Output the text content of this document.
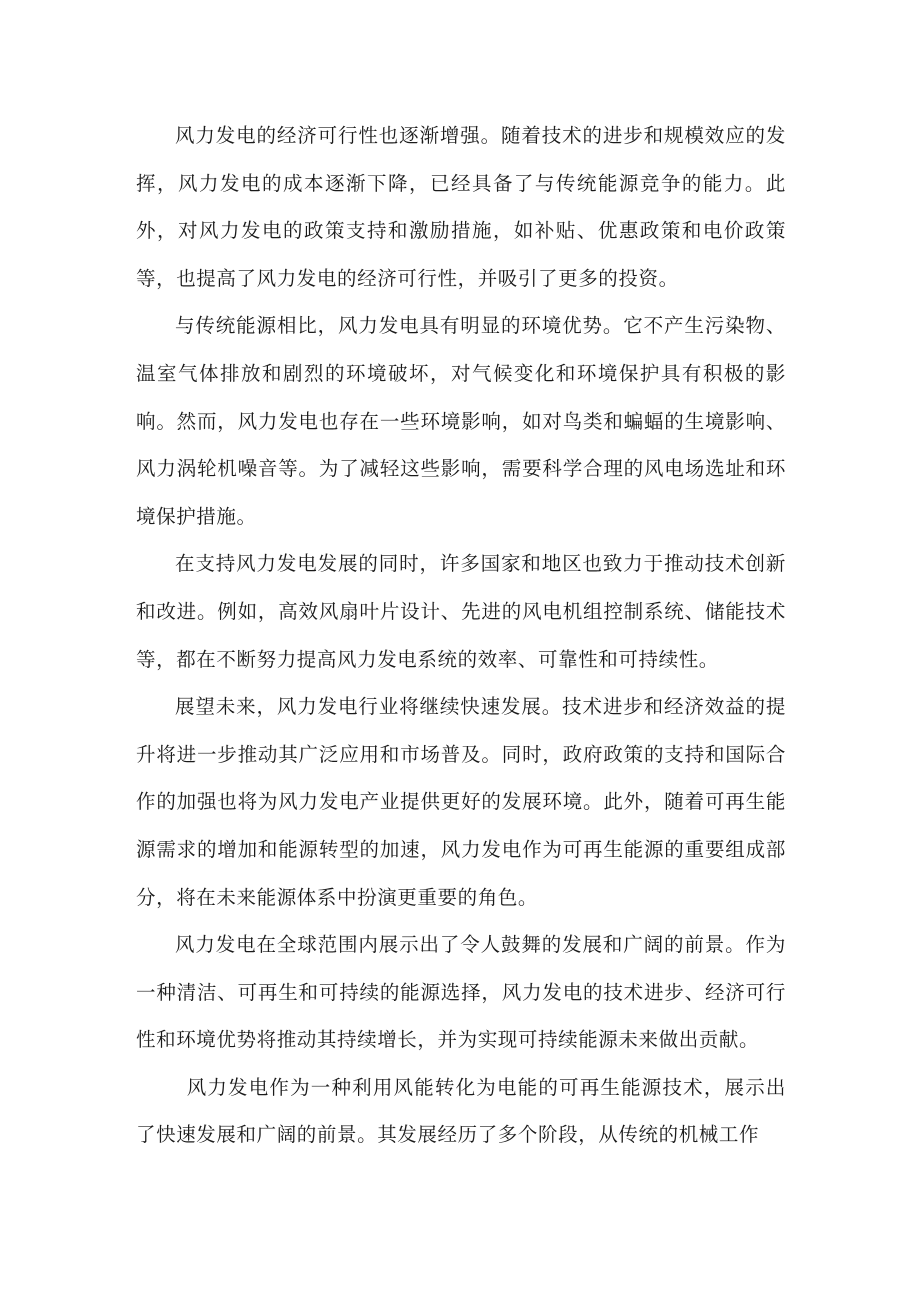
风力发电的经济可行性也逐渐增强。随着技术的进步和规模效应的发挥，风力发电的成本逐渐下降，已经具备了与传统能源竞争的能力。此外，对风力发电的政策支持和激励措施，如补贴、优惠政策和电价政策等，也提高了风力发电的经济可行性，并吸引了更多的投资。

与传统能源相比，风力发电具有明显的环境优势。它不产生污染物、温室气体排放和剧烈的环境破坏，对气候变化和环境保护具有积极的影响。然而，风力发电也存在一些环境影响，如对鸟类和蝙蝠的生境影响、风力涡轮机噪音等。为了减轻这些影响，需要科学合理的风电场选址和环境保护措施。

在支持风力发电发展的同时，许多国家和地区也致力于推动技术创新和改进。例如，高效风扇叶片设计、先进的风电机组控制系统、储能技术等，都在不断努力提高风力发电系统的效率、可靠性和可持续性。

展望未来，风力发电行业将继续快速发展。技术进步和经济效益的提升将进一步推动其广泛应用和市场普及。同时，政府政策的支持和国际合作的加强也将为风力发电产业提供更好的发展环境。此外，随着可再生能源需求的增加和能源转型的加速，风力发电作为可再生能源的重要组成部分，将在未来能源体系中扮演更重要的角色。

风力发电在全球范围内展示出了令人鼓舞的发展和广阔的前景。作为一种清洁、可再生和可持续的能源选择，风力发电的技术进步、经济可行性和环境优势将推动其持续增长，并为实现可持续能源未来做出贡献。

风力发电作为一种利用风能转化为电能的可再生能源技术，展示出了快速发展和广阔的前景。其发展经历了多个阶段，从传统的机械工作
